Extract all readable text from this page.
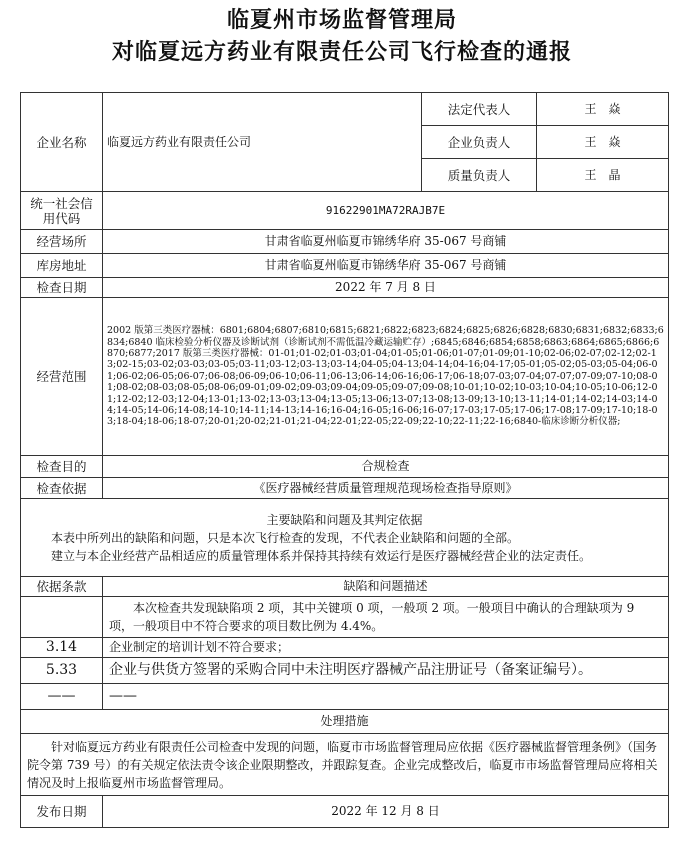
临夏州市场监督管理局
对临夏远方药业有限责任公司飞行检查的通报
企业名称	临夏远方药业有限责任公司	法定代表人	王　焱
		企业负责人	王　焱
		质量负责人	王　晶
统一社会信用代码	91622901MA72RAJB7E		
经营场所	甘肃省临夏州临夏市锦绣华府 35-067 号商铺		
库房地址	甘肃省临夏州临夏市锦绣华府 35-067 号商铺		
检查日期	2022 年 7 月 8 日		
经营范围	2002 版第三类医疗器械：6801;6804;6807;6810;6815;6821;6822;6823;6824;6825;6826;6828;6830;6831;6832;6833;6834;6840 临床检验分析仪器及诊断试剂（诊断试剂不需低温冷藏运输贮存）;6845;6846;6854;6858;6863;6864;6865;6866;6870;6877;2017 版第三类医疗器械：01-01;01-02;01-03;01-04;01-05;01-06;01-07;01-09;01-10;02-06;02-07;02-12;02-13;02-15;03-02;03-03;03-05;03-11;03-12;03-13;03-14;04-05;04-13;04-14;04-16;04-17;05-01;05-02;05-03;05-04;06-01;06-02;06-05;06-07;06-08;06-09;06-10;06-11;06-13;06-14;06-16;06-17;06-18;07-03;07-04;07-07;07-09;07-10;08-01;08-02;08-03;08-05;08-06;09-01;09-02;09-03;09-04;09-05;09-07;09-08;10-01;10-02;10-03;10-04;10-05;10-06;12-01;12-02;12-03;12-04;13-01;13-02;13-03;13-04;13-05;13-06;13-07;13-08;13-09;13-10;13-11;14-01;14-02;14-03;14-04;14-05;14-06;14-08;14-10;14-11;14-13;14-16;16-04;16-05;16-06;16-07;17-03;17-05;17-06;17-08;17-09;17-10;18-03;18-04;18-06;18-07;20-01;20-02;21-01;21-04;22-01;22-05;22-09;22-10;22-11;22-16;6840-临床诊断分析仪器;		
检查目的	合规检查		
检查依据	《医疗器械经营质量管理规范现场检查指导原则》		

主要缺陷和问题及其判定依据
本表中所列出的缺陷和问题，只是本次飞行检查的发现，不代表企业缺陷和问题的全部。
建立与本企业经营产品相适应的质量管理体系并保持其持续有效运行是医疗器械经营企业的法定责任。			

依据条款	缺陷和问题描述		
	本次检查共发现缺陷项 2 项，其中关键项 0 项，一般项 2 项。一般项目中确认的合理缺项为 9 项，一般项目中不符合要求的项目数比例为 4.4%。		
3.14	企业制定的培训计划不符合要求；		
5.33	企业与供货方签署的采购合同中未注明医疗器械产品注册证号（备案证编号）。		
——	——		
处理措施			
针对临夏远方药业有限责任公司检查中发现的问题，临夏市市场监督管理局应依据《医疗器械监督管理条例》（国务院令第 739 号）的有关规定依法责令该企业限期整改，并跟踪复查。企业完成整改后，临夏市市场监督管理局应将相关情况及时上报临夏州市场监督管理局。			
发布日期	2022 年 12 月 8 日		
